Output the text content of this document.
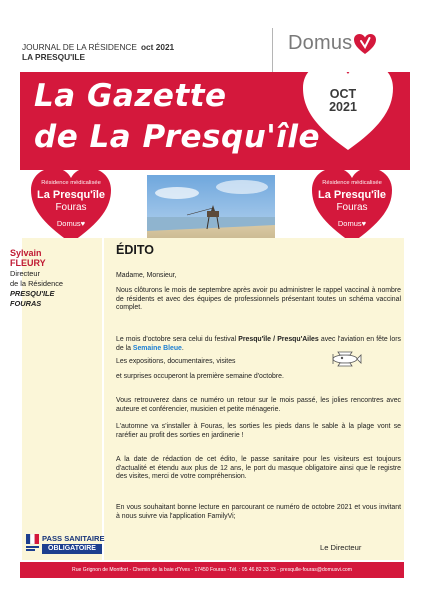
JOURNAL DE LA RÉSIDENCE oct 2021
LA PRESQU'ILE
Domus
La Gazette
de La Presqu'île
OCT
2021
Résidence médicalisée
La Presqu'île
Fouras
Domus♥
Résidence médicalisée
La Presqu'île
Fouras
Domus♥
Sylvain
FLEURY
Directeur
de la Résidence
PRESQU'ILE
FOURAS
ÉDITO
Madame, Monsieur,
Nous clôturons le mois de septembre après avoir pu administrer le rappel vaccinal à nombre de résidents et avec des équipes de professionnels présentant toutes un schéma vaccinal complet.
Le mois d'octobre sera celui du festival Presqu'île / Presqu'Ailes avec l'aviation en fête lors de la Semaine Bleue.
Les expositions, documentaires, visites
et surprises occuperont la première semaine d'octobre.
Vous retrouverez dans ce numéro un retour sur le mois passé, les jolies rencontres avec auteure et conférencier, musicien et petite ménagerie.
L'automne va s'installer à Fouras, les sorties les pieds dans le sable à la plage vont se raréfier au profit des sorties en jardinerie !
A la date de rédaction de cet édito, le passe sanitaire pour les visiteurs est toujours d'actualité et étendu aux plus de 12 ans, le port du masque obligatoire ainsi que le registre des visites, merci de votre compréhension.
En vous souhaitant bonne lecture en parcourant ce numéro de octobre 2021 et vous invitant à nous suivre via l'application FamilyVi;
PASS SANITAIRE
OBLIGATOIRE	Le Directeur
Rue Grignon de Montfort - Chemin de la baie d'Yves - 17450 Fouras -Tél. : 05 46 82 33 33 - presqulle-fouras@domusvi.com
